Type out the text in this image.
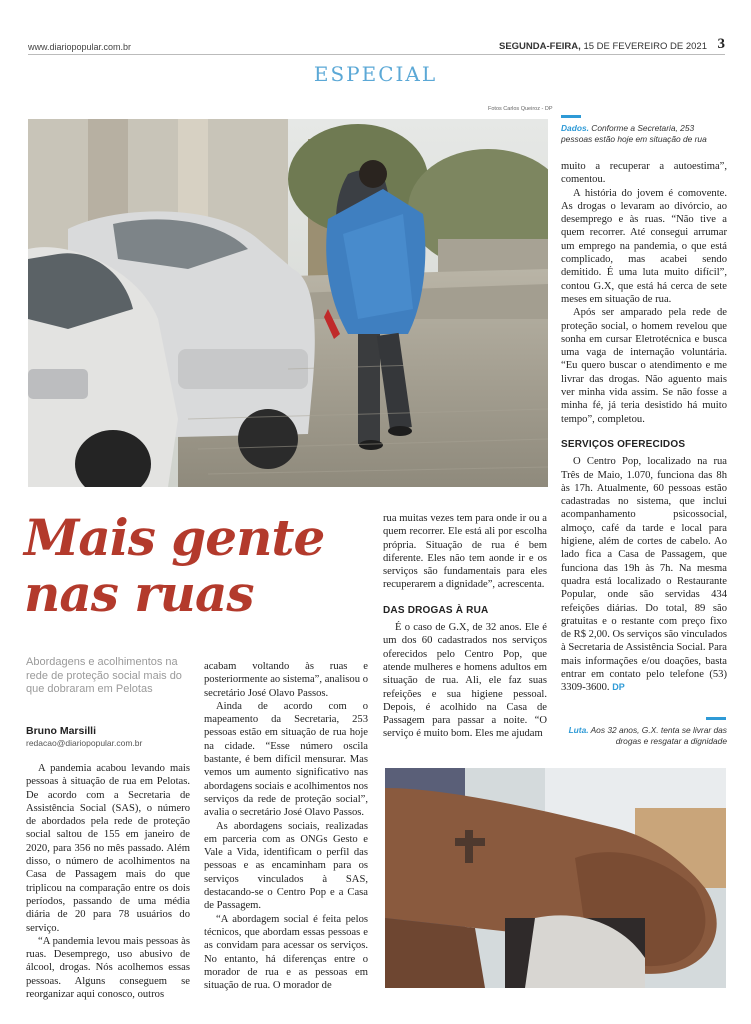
www.diariopopular.com.br	SEGUNDA-FEIRA, 15 DE FEVEREIRO DE 2021 3
ESPECIAL
Fotos Carlos Queiroz - DP
Dados. Conforme a Secretaria, 253 pessoas estão hoje em situação de rua
Mais gente
nas ruas
Abordagens e acolhimentos na rede de proteção social mais do que dobraram em Pelotas
Bruno Marsilli
redacao@diariopopular.com.br

A pandemia acabou levando mais pessoas à situação de rua em Pelotas. De acordo com a Secretaria de Assistência Social (SAS), o número de abordados pela rede de proteção social saltou de 155 em janeiro de 2020, para 356 no mês passado. Além disso, o número de acolhimentos na Casa de Passagem mais do que triplicou na comparação entre os dois períodos, passando de uma média diária de 20 para 78 usuários do serviço.

“A pandemia levou mais pessoas às ruas. Desemprego, uso abusivo de álcool, drogas. Nós acolhemos essas pessoas. Alguns conseguem se reorganizar aqui conosco, outros

acabam voltando às ruas e posteriormente ao sistema”, analisou o secretário José Olavo Passos.

Ainda de acordo com o mapeamento da Secretaria, 253 pessoas estão em situação de rua hoje na cidade. “Esse número oscila bastante, é bem difícil mensurar. Mas vemos um aumento significativo nas abordagens sociais e acolhimentos nos serviços da rede de proteção social”, avalia o secretário José Olavo Passos.

As abordagens sociais, realizadas em parceria com as ONGs Gesto e Vale a Vida, identificam o perfil das pessoas e as encaminham para os serviços vinculados à SAS, destacando-se o Centro Pop e a Casa de Passagem.

“A abordagem social é feita pelos técnicos, que abordam essas pessoas e as convidam para acessar os serviços. No entanto, há diferenças entre o morador de rua e as pessoas em situação de rua. O morador de

rua muitas vezes tem para onde ir ou a quem recorrer. Ele está ali por escolha própria. Situação de rua é bem diferente. Eles não tem aonde ir e os serviços são fundamentais para eles recuperarem a dignidade”, acrescenta.

DAS DROGAS À RUA

É o caso de G.X, de 32 anos. Ele é um dos 60 cadastrados nos serviços oferecidos pelo Centro Pop, que atende mulheres e homens adultos em situação de rua. Ali, ele faz suas refeições e sua higiene pessoal. Depois, é acolhido na Casa de Passagem para passar a noite. “O serviço é muito bom. Eles me ajudam

muito a recuperar a autoestima”, comentou.

A história do jovem é comovente. As drogas o levaram ao divórcio, ao desemprego e às ruas. “Não tive a quem recorrer. Até consegui arrumar um emprego na pandemia, o que está complicado, mas acabei sendo demitido. É uma luta muito difícil”, contou G.X, que está há cerca de sete meses em situação de rua.

Após ser amparado pela rede de proteção social, o homem revelou que sonha em cursar Eletrotécnica e busca uma vaga de internação voluntária. “Eu quero buscar o atendimento e me livrar das drogas. Não aguento mais ver minha vida assim. Se não fosse a minha fé, já teria desistido há muito tempo”, completou.

SERVIÇOS OFERECIDOS

O Centro Pop, localizado na rua Três de Maio, 1.070, funciona das 8h às 17h. Atualmente, 60 pessoas estão cadastradas no sistema, que inclui acompanhamento psicossocial, almoço, café da tarde e local para higiene, além de cortes de cabelo. Ao lado fica a Casa de Passagem, que funciona das 19h às 7h. Na mesma quadra está localizado o Restaurante Popular, onde são servidas 434 refeições diárias. Do total, 89 são gratuitas e o restante com preço fixo de R$ 2,00. Os serviços são vinculados à Secretaria de Assistência Social. Para mais informações e/ou doações, basta entrar em contato pelo telefone (53) 3309-3600. DP

Luta. Aos 32 anos, G.X. tenta se livrar das drogas e resgatar a dignidade
